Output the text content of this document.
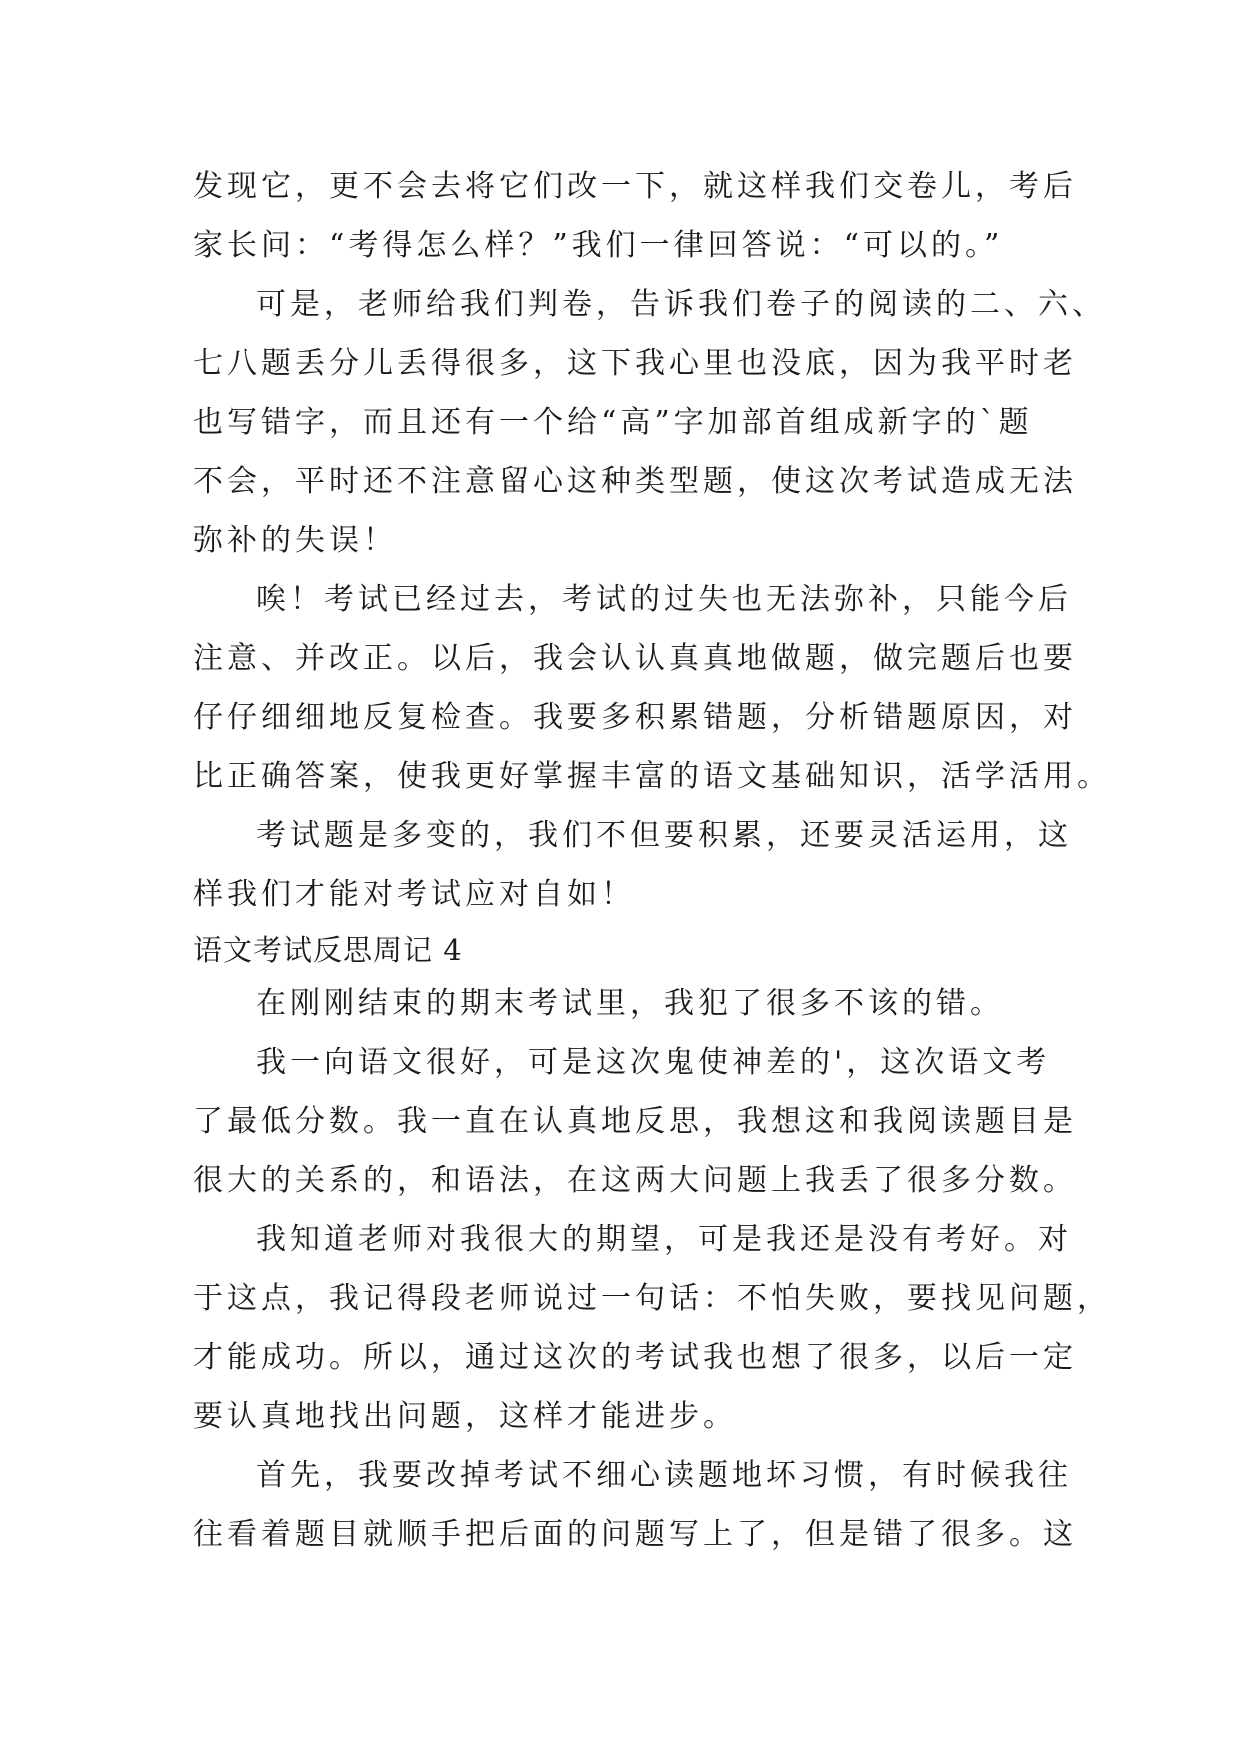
发现它，更不会去将它们改一下，就这样我们交卷儿，考后
家长问：“考得怎么样？”我们一律回答说：“可以的。”
可是，老师给我们判卷，告诉我们卷子的阅读的二、六、
七八题丢分儿丢得很多，这下我心里也没底，因为我平时老
也写错字，而且还有一个给“高”字加部首组成新字的`题
不会，平时还不注意留心这种类型题，使这次考试造成无法
弥补的失误！
唉！考试已经过去，考试的过失也无法弥补，只能今后
注意、并改正。以后，我会认认真真地做题，做完题后也要
仔仔细细地反复检查。我要多积累错题，分析错题原因，对
比正确答案，使我更好掌握丰富的语文基础知识，活学活用。
考试题是多变的，我们不但要积累，还要灵活运用，这
样我们才能对考试应对自如！
语文考试反思周记 4
在刚刚结束的期末考试里，我犯了很多不该的错。
我一向语文很好，可是这次鬼使神差的'，这次语文考
了最低分数。我一直在认真地反思，我想这和我阅读题目是
很大的关系的，和语法，在这两大问题上我丢了很多分数。
我知道老师对我很大的期望，可是我还是没有考好。对
于这点，我记得段老师说过一句话：不怕失败，要找见问题，
才能成功。所以，通过这次的考试我也想了很多，以后一定
要认真地找出问题，这样才能进步。
首先，我要改掉考试不细心读题地坏习惯，有时候我往
往看着题目就顺手把后面的问题写上了，但是错了很多。这
